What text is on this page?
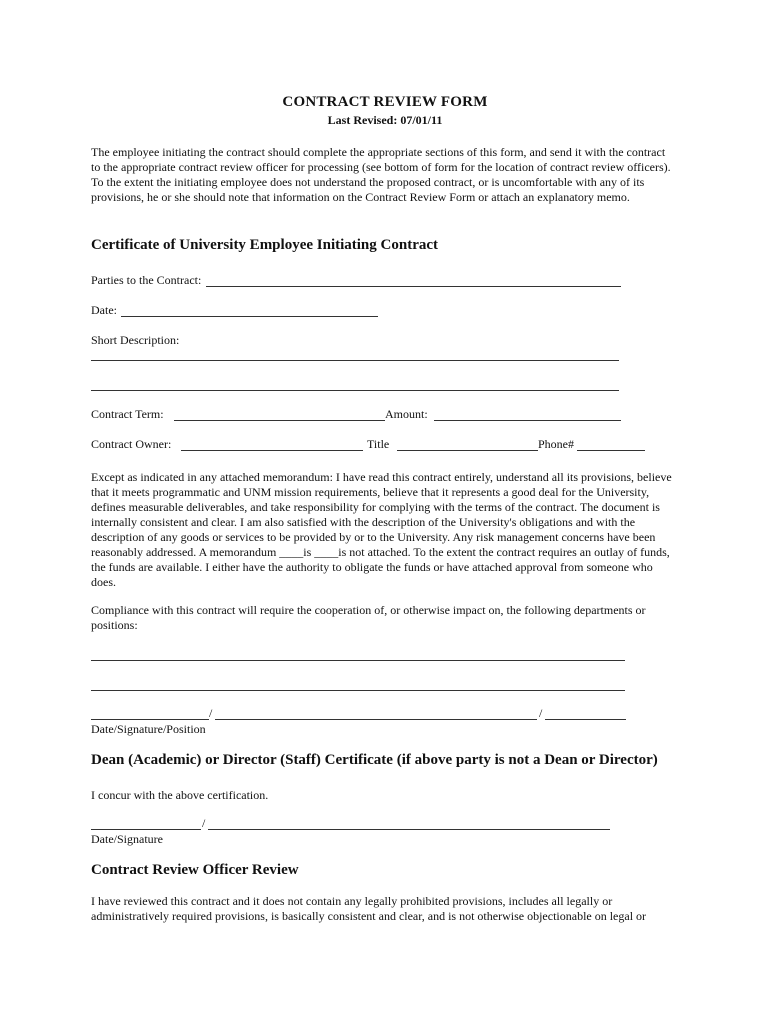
CONTRACT REVIEW FORM
Last Revised: 07/01/11

The employee initiating the contract should complete the appropriate sections of this form, and send it with the contract to the appropriate contract review officer for processing (see bottom of form for the location of contract review officers). To the extent the initiating employee does not understand the proposed contract, or is uncomfortable with any of its provisions, he or she should note that information on the Contract Review Form or attach an explanatory memo.

Certificate of University Employee Initiating Contract
Parties to the Contract:
Date:
Short Description:
Contract Term:	Amount:
Contract Owner:	Title	Phone#

Except as indicated in any attached memorandum: I have read this contract entirely, understand all its provisions, believe that it meets programmatic and UNM mission requirements, believe that it represents a good deal for the University, defines measurable deliverables, and take responsibility for complying with the terms of the contract. The document is internally consistent and clear. I am also satisfied with the description of the University's obligations and with the description of any goods or services to be provided by or to the University. Any risk management concerns have been reasonably addressed. A memorandum ____is ____is not attached. To the extent the contract requires an outlay of funds, the funds are available. I either have the authority to obligate the funds or have attached approval from someone who does.

Compliance with this contract will require the cooperation of, or otherwise impact on, the following departments or positions:

/	/
Date/Signature/Position
Dean (Academic) or Director (Staff) Certificate (if above party is not a Dean or Director)
I concur with the above certification.
/
Date/Signature
Contract Review Officer Review

I have reviewed this contract and it does not contain any legally prohibited provisions, includes all legally or administratively required provisions, is basically consistent and clear, and is not otherwise objectionable on legal or
